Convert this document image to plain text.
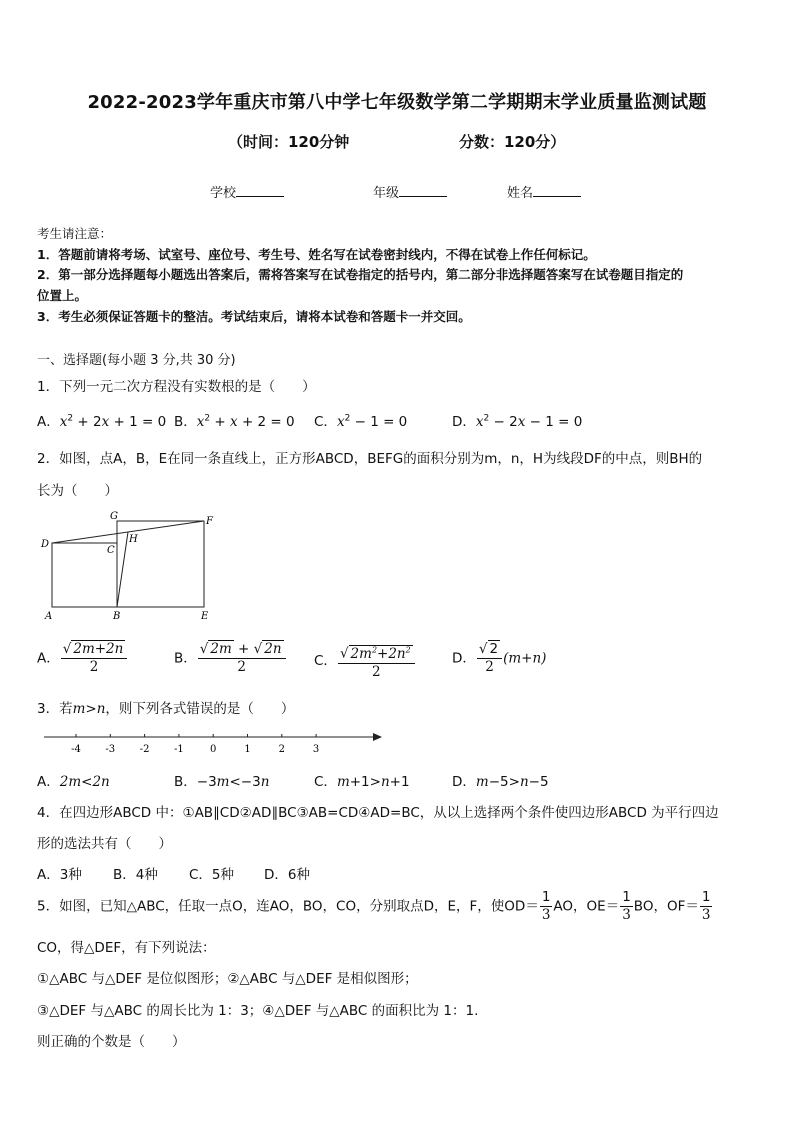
2022-2023学年重庆市第八中学七年级数学第二学期期末学业质量监测试题
（时间：120分钟	分数：120分）
学校	年级	姓名
考生请注意：
1．答题前请将考场、试室号、座位号、考生号、姓名写在试卷密封线内，不得在试卷上作任何标记。
2．第一部分选择题每小题选出答案后，需将答案写在试卷指定的括号内，第二部分非选择题答案写在试卷题目指定的
位置上。
3．考生必须保证答题卡的整洁。考试结束后，请将本试卷和答题卡一并交回。
一、选择题(每小题 3 分,共 30 分)
1．下列一元二次方程没有实数根的是（　　）
A．$x^2 + 2x + 1 = 0$ B．$x^2 + x + 2 = 0$ C．$x^2 - 1 = 0$	D．$x^2 - 2x - 1 = 0$
2．如图，点A，B，E在同一条直线上，正方形ABCD，BEFG的面积分别为m，n，H为线段DF的中点，则BH的
长为（　　）
G	F
D
C
H
A	B	E
A． $\frac{√ 2m+2n}{2}$	B． $\frac{√ 2m + √ 2n}{2}$ C． $\frac{√ 2m^2+2n^2}{2}$	D． $\frac{√ 2}{2} (m+n)$
3．若m>n，则下列各式错误的是（　　）
-4 -3 -2 -1	0	1	2	3
A．2m<2n	B．−3m<−3n	C．m+1>n+1	D．m−5>n−5
4．在四边形ABCD 中：①AB∥CD②AD∥BC③AB=CD④AD=BC，从以上选择两个条件使四边形ABCD 为平行四边
形的选法共有（　　）
A．3种 B．4种 C．5种 D．6种
5．如图，已知△ABC，任取一点O，连AO，BO，CO，分别取点D，E，F，使$OD= \frac{1}{3}$ AO，$OE= \frac{1}{3}$ BO，$OF= \frac{1}{3}$
CO，得△DEF，有下列说法：
①△ABC 与△DEF 是位似图形；②△ABC 与△DEF 是相似图形；
③△DEF 与△ABC 的周长比为 1：3；④△DEF 与△ABC 的面积比为 1：1.
则正确的个数是（　　）
